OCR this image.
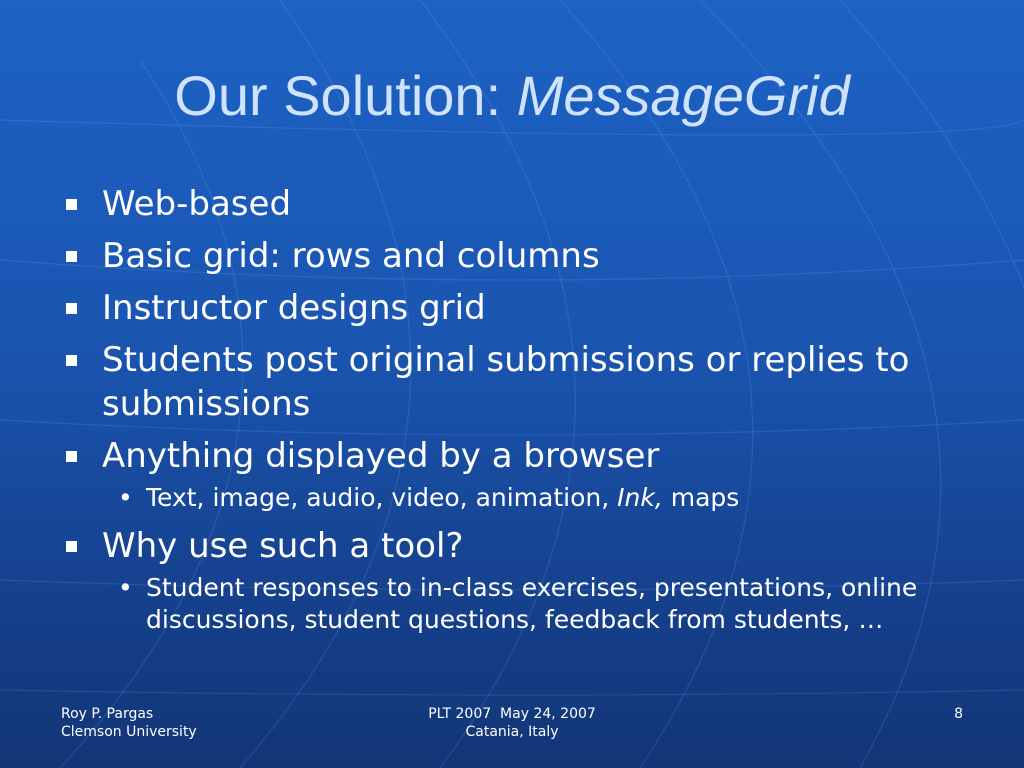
Our Solution: MessageGrid
Web-based
Basic grid: rows and columns
Instructor designs grid
Students post original submissions or replies to submissions
Anything displayed by a browser
• Text, image, audio, video, animation, Ink, maps
Why use such a tool?
• Student responses to in-class exercises, presentations, online discussions, student questions, feedback from students, …
Roy P. Pargas
Clemson University
PLT 2007  May 24, 2007
Catania, Italy
8
